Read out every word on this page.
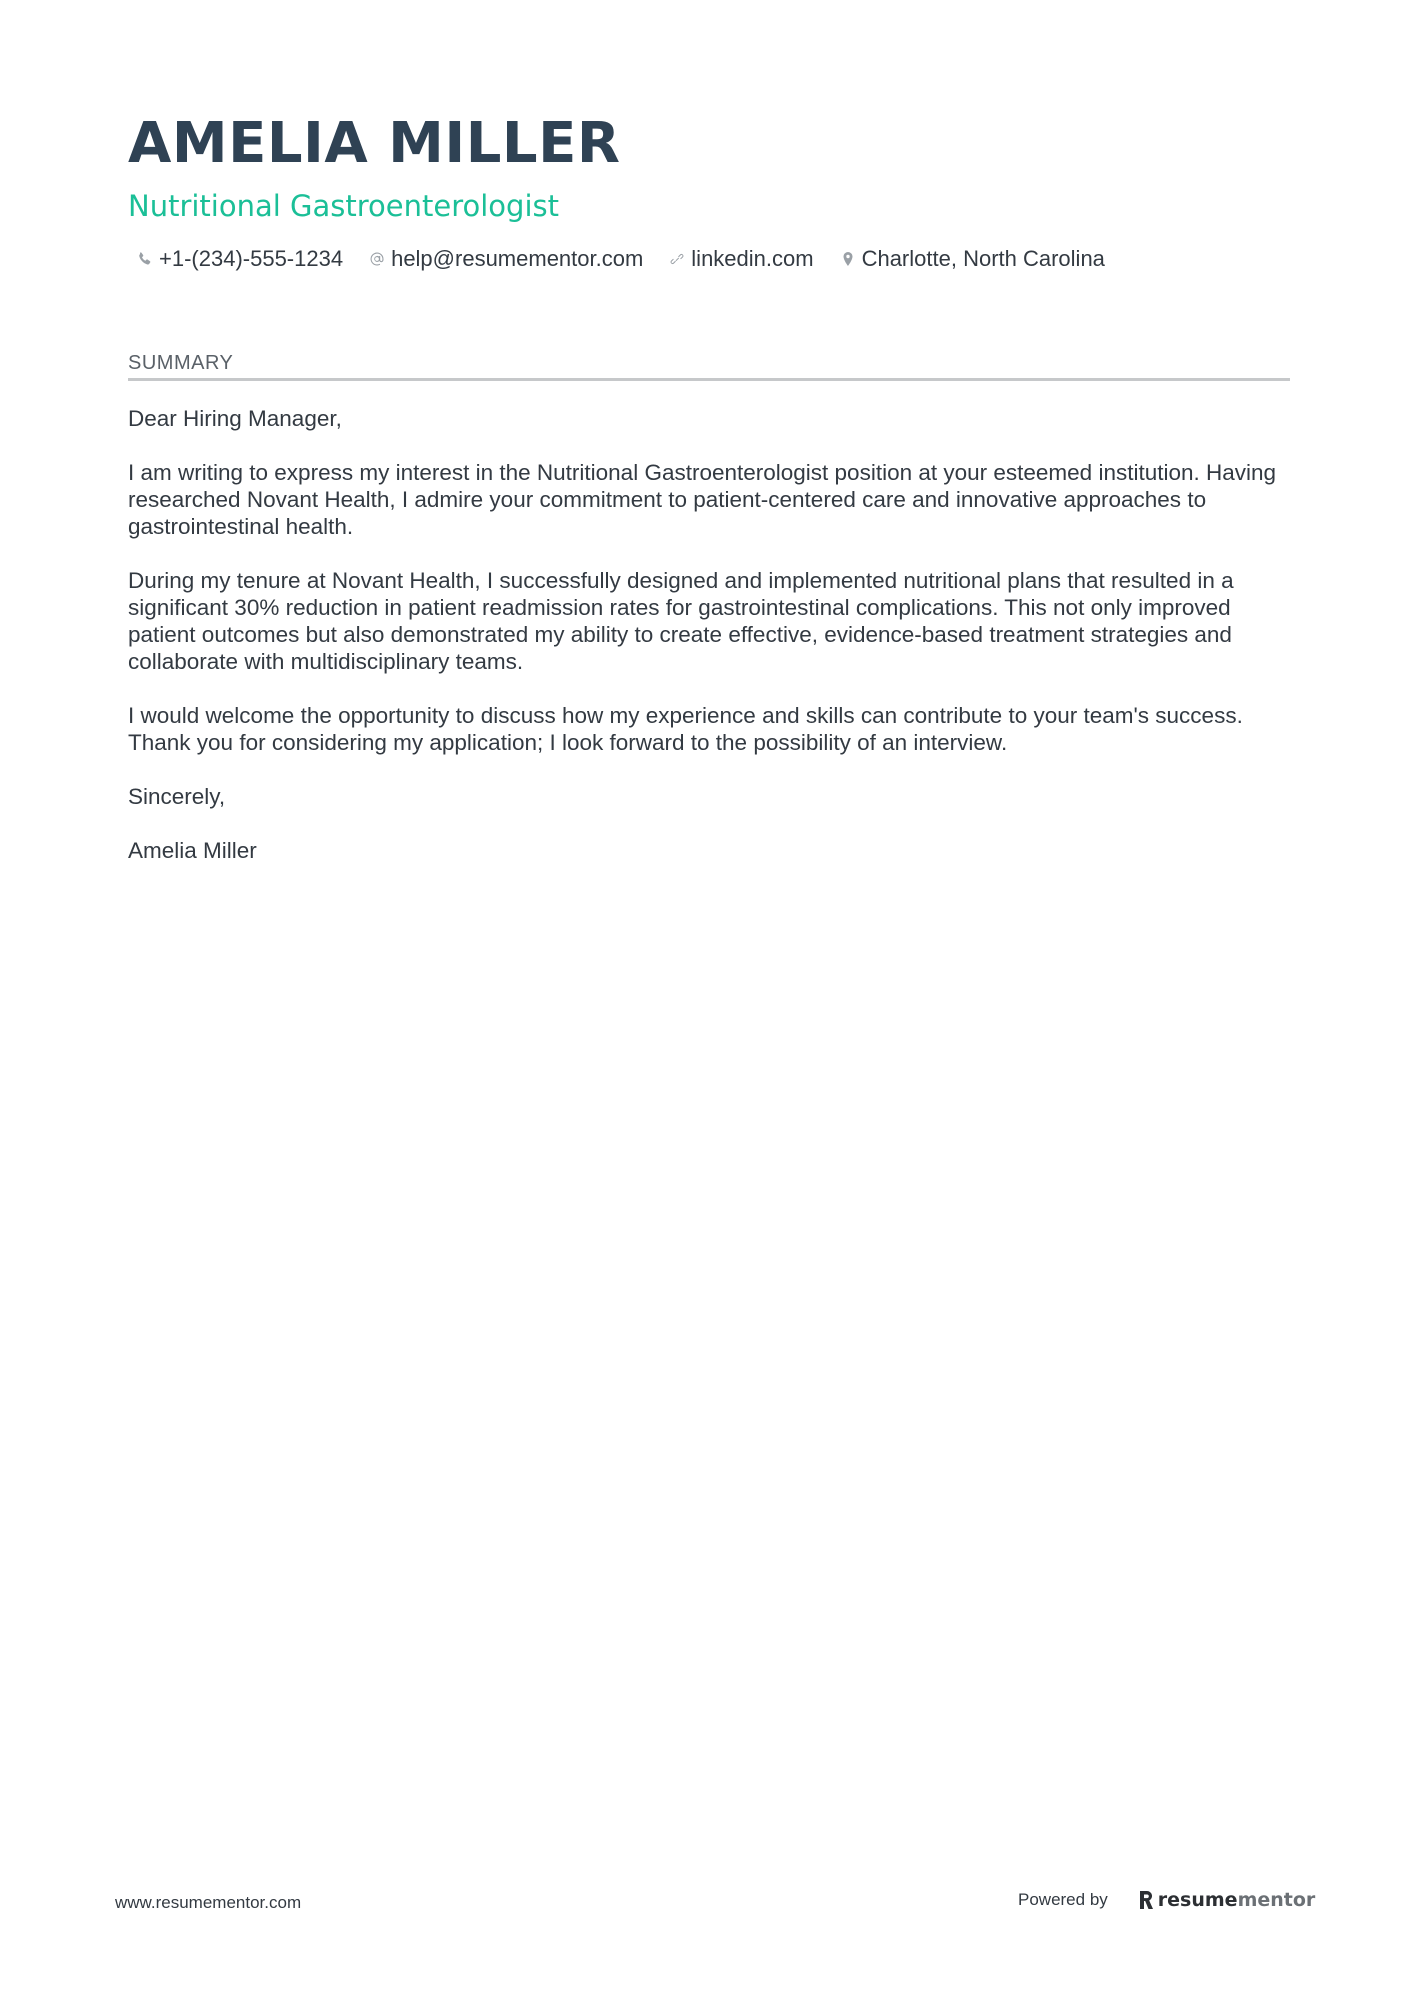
AMELIA MILLER
Nutritional Gastroenterologist
+1-(234)-555-1234 help@resumementor.com linkedin.com Charlotte, North Carolina
SUMMARY

Dear Hiring Manager,

I am writing to express my interest in the Nutritional Gastroenterologist position at your esteemed institution. Having researched Novant Health, I admire your commitment to patient-centered care and innovative approaches to gastrointestinal health.

During my tenure at Novant Health, I successfully designed and implemented nutritional plans that resulted in a significant 30% reduction in patient readmission rates for gastrointestinal complications. This not only improved patient outcomes but also demonstrated my ability to create effective, evidence-based treatment strategies and collaborate with multidisciplinary teams.

I would welcome the opportunity to discuss how my experience and skills can contribute to your team's success. Thank you for considering my application; I look forward to the possibility of an interview.

Sincerely,

Amelia Miller

www.resumementor.com	Powered by	resume mentor
